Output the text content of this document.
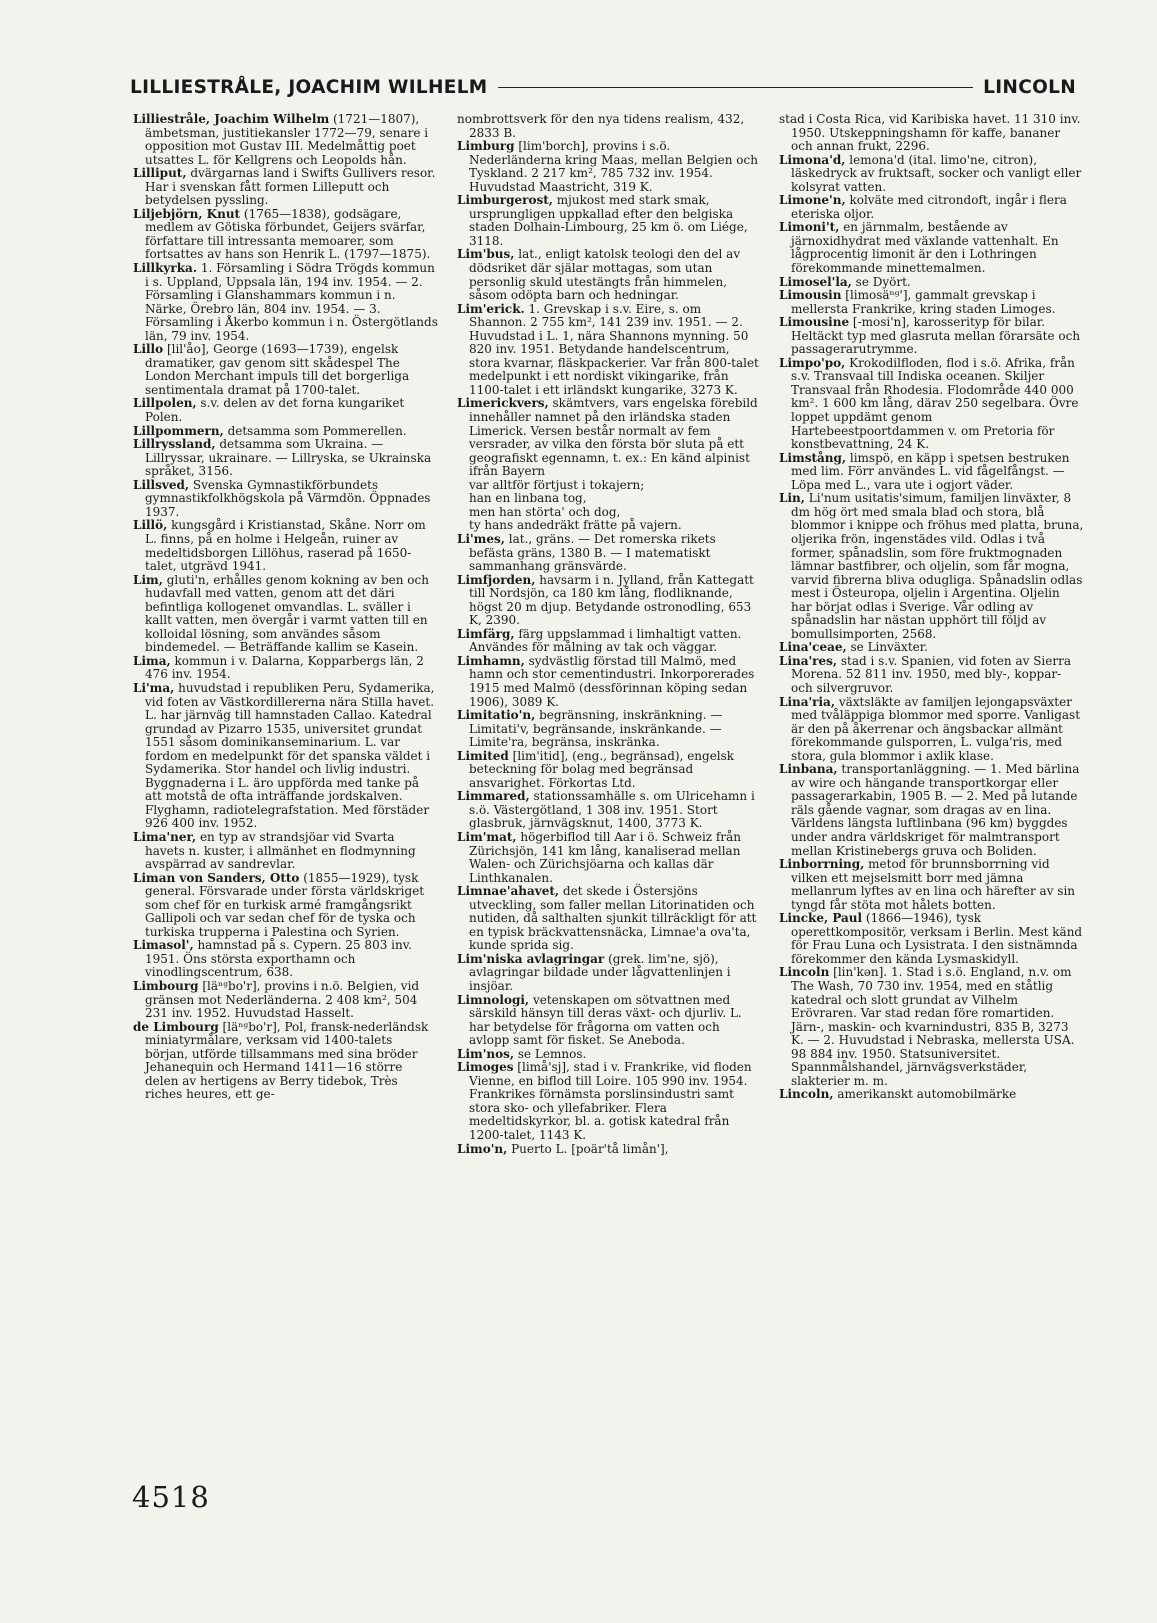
LILLIESTRÅLE, JOACHIM WILHELM	LINCOLN

Lilliestråle, Joachim Wilhelm (1721—1807), ämbetsman, justitiekansler 1772—79, senare i opposition mot Gustav III. Medelmåttig poet utsattes L. för Kellgrens och Leopolds hån.

Lilliput, dvärgarnas land i Swifts Gullivers resor. Har i svenskan fått formen Lilleputt och betydelsen pyssling.

Liljebjörn, Knut (1765—1838), godsägare, medlem av Götiska förbundet, Geijers svärfar, författare till intressanta memoarer, som fortsattes av hans son Henrik L. (1797—1875).

Lillkyrka. 1. Församling i Södra Trögds kommun i s. Uppland, Uppsala län, 194 inv. 1954. — 2. Församling i Glanshammars kommun i n. Närke, Örebro län, 804 inv. 1954. — 3. Församling i Åkerbo kommun i n. Östergötlands län, 79 inv. 1954.

Lillo [lil'åo], George (1693—1739), engelsk dramatiker, gav genom sitt skådespel The London Merchant impuls till det borgerliga sentimentala dramat på 1700-talet.

Lillpolen, s.v. delen av det forna kungariket Polen.

Lillpommern, detsamma som Pommerellen.

Lillryssland, detsamma som Ukraina. — Lillryssar, ukrainare. — Lillryska, se Ukrainska språket, 3156.

Lillsved, Svenska Gymnastikförbundets gymnastikfolkhögskola på Värmdön. Öppnades 1937.

Lillö, kungsgård i Kristianstad, Skåne. Norr om L. finns, på en holme i Helgeån, ruiner av medeltidsborgen Lillöhus, raserad på 1650-talet, utgrävd 1941.

Lim, gluti'n, erhålles genom kokning av ben och hudavfall med vatten, genom att det däri befintliga kollogenet omvandlas. L. sväller i kallt vatten, men övergår i varmt vatten till en kolloidal lösning, som användes såsom bindemedel. — Beträffande kallim se Kasein.

Lima, kommun i v. Dalarna, Kopparbergs län, 2 476 inv. 1954.

Li'ma, huvudstad i republiken Peru, Sydamerika, vid foten av Västkordillererna nära Stilla havet. L. har järnväg till hamnstaden Callao. Katedral grundad av Pizarro 1535, universitet grundat 1551 såsom dominikanseminarium. L. var fordom en medelpunkt för det spanska väldet i Sydamerika. Stor handel och livlig industri. Byggnaderna i L. äro uppförda med tanke på att motstå de ofta inträffande jordskalven. Flyghamn, radiotelegrafstation. Med förstäder 926 400 inv. 1952.

Lima'ner, en typ av strandsjöar vid Svarta havets n. kuster, i allmänhet en flodmynning avspärrad av sandrevlar.

Liman von Sanders, Otto (1855—1929), tysk general. Försvarade under första världskriget som chef för en turkisk armé framgångsrikt Gallipoli och var sedan chef för de tyska och turkiska trupperna i Palestina och Syrien.

Limasol', hamnstad på s. Cypern. 25 803 inv. 1951. Öns största exporthamn och vinodlingscentrum, 638.

Limbourg [läⁿᵍbo'r], provins i n.ö. Belgien, vid gränsen mot Nederländerna. 2 408 km², 504 231 inv. 1952. Huvudstad Hasselt.

de Limbourg [läⁿᵍbo'r], Pol, fransk-nederländsk miniatyrmålare, verksam vid 1400-talets början, utförde tillsammans med sina bröder Jehanequin och Hermand 1411—16 större delen av hertigens av Berry tidebok, Très riches heures, ett ge-

nombrottsverk för den nya tidens realism, 432, 2833 B.

Limburg [lim'borch], provins i s.ö. Nederländerna kring Maas, mellan Belgien och Tyskland. 2 217 km², 785 732 inv. 1954. Huvudstad Maastricht, 319 K.

Limburgerost, mjukost med stark smak, ursprungligen uppkallad efter den belgiska staden Dolhain-Limbourg, 25 km ö. om Liége, 3118.

Lim'bus, lat., enligt katolsk teologi den del av dödsriket där själar mottagas, som utan personlig skuld utestängts från himmelen, såsom odöpta barn och hedningar.

Lim'erick. 1. Grevskap i s.v. Eire, s. om Shannon. 2 755 km², 141 239 inv. 1951. — 2. Huvudstad i L. 1, nära Shannons mynning. 50 820 inv. 1951. Betydande handelscentrum, stora kvarnar, fläskpackerier. Var från 800-talet medelpunkt i ett nordiskt vikingarike, från 1100-talet i ett irländskt kungarike, 3273 K.

Limerickvers, skämtvers, vars engelska förebild innehåller namnet på den irländska staden Limerick. Versen består normalt av fem versrader, av vilka den första bör sluta på ett geografiskt egennamn, t. ex.: En känd alpinist ifrån Bayern

var alltför förtjust i tokajern;
han en linbana tog,
men han störta' och dog,
ty hans andedräkt frätte på vajern.

Li'mes, lat., gräns. — Det romerska rikets befästa gräns, 1380 B. — I matematiskt sammanhang gränsvärde.

Limfjorden, havsarm i n. Jylland, från Kattegatt till Nordsjön, ca 180 km lång, flodliknande, högst 20 m djup. Betydande ostronodling, 653 K, 2390.

Limfärg, färg uppslammad i limhaltigt vatten. Användes för målning av tak och väggar.

Limhamn, sydvästlig förstad till Malmö, med hamn och stor cementindustri. Inkorporerades 1915 med Malmö (dessförinnan köping sedan 1906), 3089 K.

Limitatio'n, begränsning, inskränkning. — Limitati'v, begränsande, inskränkande. — Limite'ra, begränsa, inskränka.

Limited [lim'itid], (eng., begränsad), engelsk beteckning för bolag med begränsad ansvarighet. Förkortas Ltd.

Limmared, stationssamhälle s. om Ulricehamn i s.ö. Västergötland, 1 308 inv. 1951. Stort glasbruk, järnvägsknut, 1400, 3773 K.

Lim'mat, högerbiflod till Aar i ö. Schweiz från Zürichsjön, 141 km lång, kanaliserad mellan Walen- och Zürichsjöarna och kallas där Linthkanalen.

Limnae'ahavet, det skede i Östersjöns utveckling, som faller mellan Litorinatiden och nutiden, då salthalten sjunkit tillräckligt för att en typisk bräckvattensnäcka, Limnae'a ova'ta, kunde sprida sig.

Lim'niska avlagringar (grek. lim'ne, sjö), avlagringar bildade under lågvattenlinjen i insjöar.

Limnologi, vetenskapen om sötvattnen med särskild hänsyn till deras växt- och djurliv. L. har betydelse för frågorna om vatten och avlopp samt för fisket. Se Aneboda.

Lim'nos, se Lemnos.

Limoges [limå'sj], stad i v. Frankrike, vid floden Vienne, en biflod till Loire. 105 990 inv. 1954. Frankrikes förnämsta porslinsindustri samt stora sko- och yllefabriker. Flera medeltidskyrkor, bl. a. gotisk katedral från 1200-talet, 1143 K.

Limo'n, Puerto L. [poär'tå limån'],

stad i Costa Rica, vid Karibiska havet. 11 310 inv. 1950. Utskeppningshamn för kaffe, bananer och annan frukt, 2296.

Limona'd, lemona'd (ital. limo'ne, citron), läskedryck av fruktsaft, socker och vanligt eller kolsyrat vatten.

Limone'n, kolväte med citrondoft, ingår i flera eteriska oljor.

Limoni't, en järnmalm, bestående av järnoxidhydrat med växlande vattenhalt. En lågprocentig limonit är den i Lothringen förekommande minettemalmen.

Limosel'la, se Dyört.

Limousin [limosäⁿᵍ'], gammalt grevskap i mellersta Frankrike, kring staden Limoges.

Limousine [-mosi'n], karosserityp för bilar. Heltäckt typ med glasruta mellan förarsäte och passagerarutrymme.

Limpo'po, Krokodilfloden, flod i s.ö. Afrika, från s.v. Transvaal till Indiska oceanen. Skiljer Transvaal från Rhodesia. Flodområde 440 000 km². 1 600 km lång, därav 250 segelbara. Övre loppet uppdämt genom Hartebeestpoortdammen v. om Pretoria för konstbevattning, 24 K.

Limstång, limspö, en käpp i spetsen bestruken med lim. Förr användes L. vid fågelfångst. — Löpa med L., vara ute i ogjort väder.

Lin, Li'num usitatis'simum, familjen linväxter, 8 dm hög ört med smala blad och stora, blå blommor i knippe och fröhus med platta, bruna, oljerika frön, ingenstädes vild. Odlas i två former, spånadslin, som före fruktmognaden lämnar bastfibrer, och oljelin, som får mogna, varvid fibrerna bliva odugliga. Spånadslin odlas mest i Östeuropa, oljelin i Argentina. Oljelin har börjat odlas i Sverige. Vår odling av spånadslin har nästan upphört till följd av bomullsimporten, 2568.

Lina'ceae, se Linväxter.

Lina'res, stad i s.v. Spanien, vid foten av Sierra Morena. 52 811 inv. 1950, med bly-, koppar- och silvergruvor.

Lina'ria, växtsläkte av familjen lejongapsväxter med tvåläppiga blommor med sporre. Vanligast är den på åkerrenar och ängsbackar allmänt förekommande gulsporren, L. vulga'ris, med stora, gula blommor i axlik klase.

Linbana, transportanläggning. — 1. Med bärlina av wire och hängande transportkorgar eller passagerarkabin, 1905 B. — 2. Med på lutande räls gående vagnar, som dragas av en lina. Världens längsta luftlinbana (96 km) byggdes under andra världskriget för malmtransport mellan Kristinebergs gruva och Boliden.

Linborrning, metod för brunnsborrning vid vilken ett mejselsmitt borr med jämna mellanrum lyftes av en lina och härefter av sin tyngd får stöta mot hålets botten.

Lincke, Paul (1866—1946), tysk operettkompositör, verksam i Berlin. Mest känd för Frau Luna och Lysistrata. I den sistnämnda förekommer den kända Lysmaskidyll.

Lincoln [lin'kən]. 1. Stad i s.ö. England, n.v. om The Wash, 70 730 inv. 1954, med en ståtlig katedral och slott grundat av Vilhelm Erövraren. Var stad redan före romartiden. Järn-, maskin- och kvarnindustri, 835 B, 3273 K. — 2. Huvudstad i Nebraska, mellersta USA. 98 884 inv. 1950. Statsuniversitet. Spannmålshandel, järnvägsverkstäder, slakterier m. m.

Lincoln, amerikanskt automobilmärke

4518
